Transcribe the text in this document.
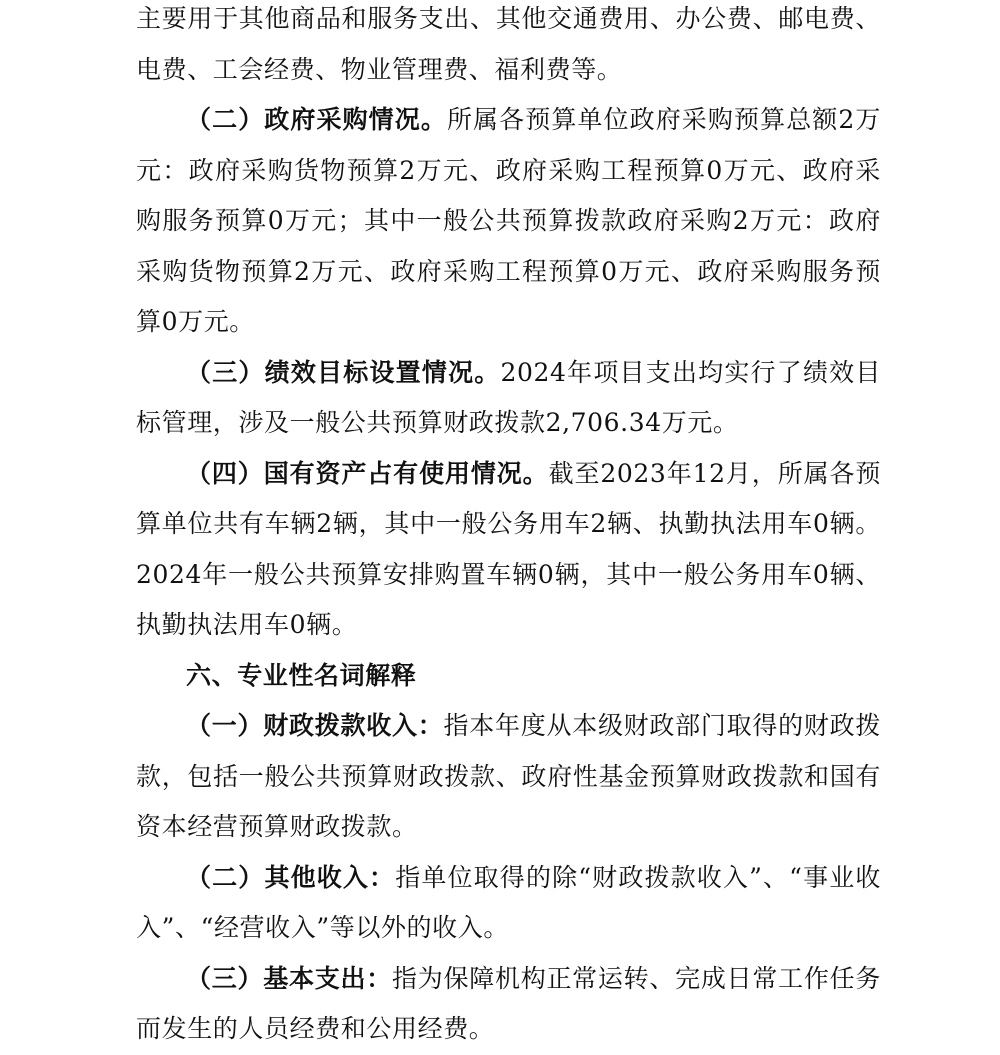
主要用于其他商品和服务支出、其他交通费用、办公费、邮电费、电费、工会经费、物业管理费、福利费等。

（二）政府采购情况。所属各预算单位政府采购预算总额2万元：政府采购货物预算2万元、政府采购工程预算0万元、政府采购服务预算0万元；其中一般公共预算拨款政府采购2万元：政府采购货物预算2万元、政府采购工程预算0万元、政府采购服务预算0万元。

（三）绩效目标设置情况。2024年项目支出均实行了绩效目标管理，涉及一般公共预算财政拨款2,706.34万元。

（四）国有资产占有使用情况。截至2023年12月，所属各预算单位共有车辆2辆，其中一般公务用车2辆、执勤执法用车0辆。2024年一般公共预算安排购置车辆0辆，其中一般公务用车0辆、执勤执法用车0辆。

六、专业性名词解释

（一）财政拨款收入：指本年度从本级财政部门取得的财政拨款，包括一般公共预算财政拨款、政府性基金预算财政拨款和国有资本经营预算财政拨款。

（二）其他收入：指单位取得的除“财政拨款收入”、“事业收入”、“经营收入”等以外的收入。

（三）基本支出：指为保障机构正常运转、完成日常工作任务而发生的人员经费和公用经费。
